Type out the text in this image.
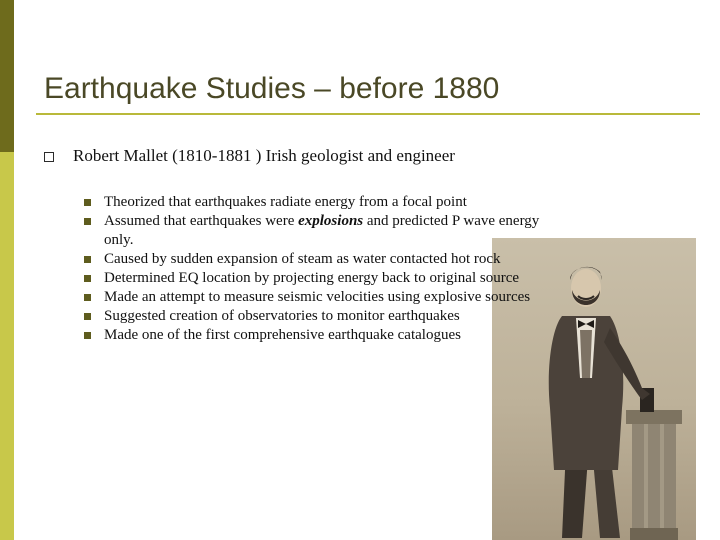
Earthquake Studies – before 1880
Robert Mallet (1810-1881 ) Irish geologist and engineer
Theorized that earthquakes radiate energy from a focal point
Assumed that earthquakes were explosions and predicted P wave energy only.
Caused by sudden expansion of steam as water contacted hot rock
Determined EQ location by projecting energy back to original source
Made an attempt to measure seismic velocities using explosive sources
Suggested creation of observatories to monitor earthquakes
Made one of the first comprehensive earthquake catalogues
